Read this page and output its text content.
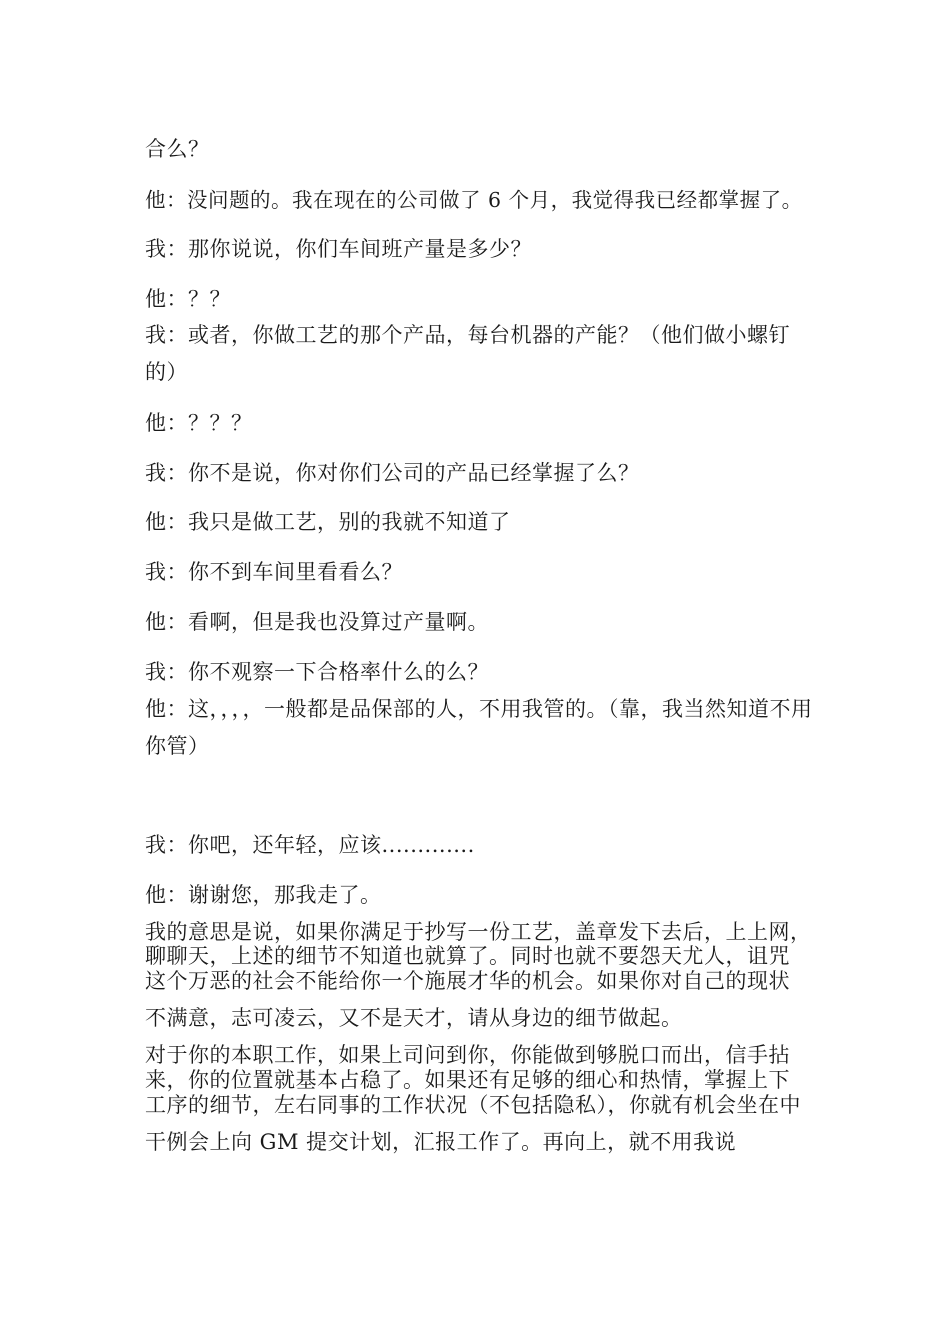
合么？
他：没问题的。我在现在的公司做了 6 个月，我觉得我已经都掌握了。
我：那你说说，你们车间班产量是多少？
他：？？
我：或者，你做工艺的那个产品，每台机器的产能？（他们做小螺钉
的）
他：？？？
我：你不是说，你对你们公司的产品已经掌握了么？
他：我只是做工艺，别的我就不知道了
我：你不到车间里看看么？
他：看啊，但是我也没算过产量啊。
我：你不观察一下合格率什么的么？
他：这，，，，一般都是品保部的人，不用我管的。（靠，我当然知道不用
你管）
我：你吧，还年轻，应该.............
他：谢谢您，那我走了。
我的意思是说，如果你满足于抄写一份工艺，盖章发下去后，上上网，
聊聊天，上述的细节不知道也就算了。同时也就不要怨天尤人，诅咒
这个万恶的社会不能给你一个施展才华的机会。如果你对自己的现状
不满意，志可凌云，又不是天才，请从身边的细节做起。
对于你的本职工作，如果上司问到你，你能做到够脱口而出，信手拈
来，你的位置就基本占稳了。如果还有足够的细心和热情，掌握上下
工序的细节，左右同事的工作状况（不包括隐私），你就有机会坐在中
干例会上向 GM 提交计划，汇报工作了。再向上，就不用我说
